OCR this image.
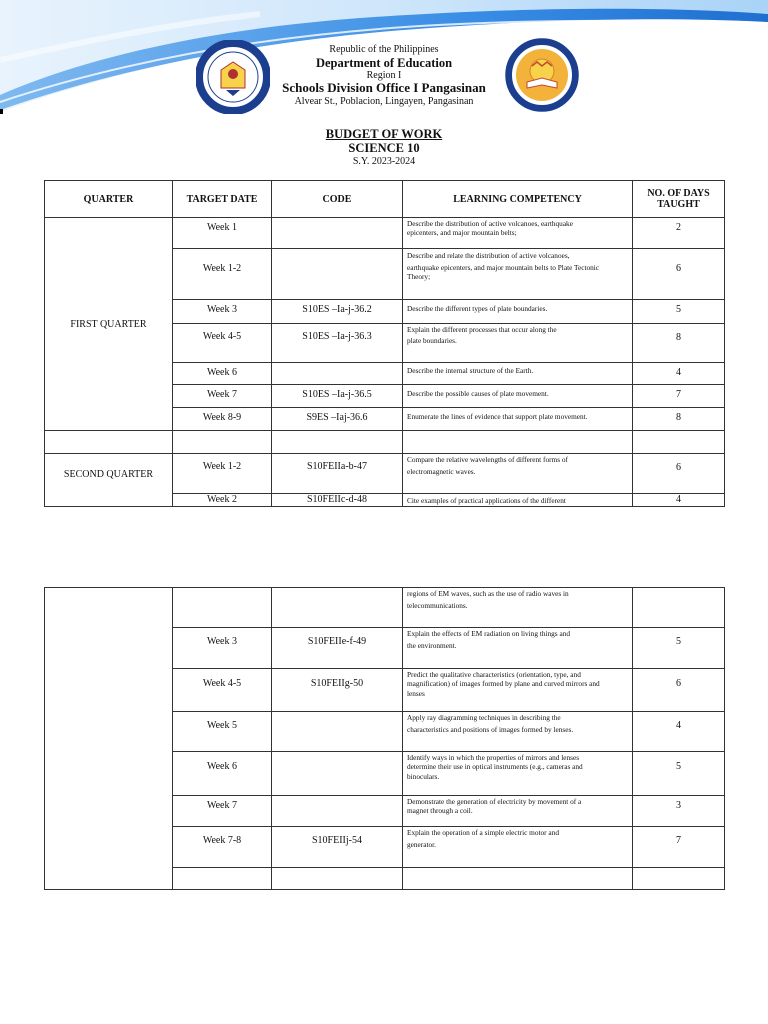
Republic of the Philippines
Department of Education
Region I
Schools Division Office I Pangasinan
Alvear St., Poblacion, Lingayen, Pangasinan
BUDGET OF WORK
SCIENCE 10
S.Y. 2023-2024
QUARTER	TARGET DATE	CODE	LEARNING COMPETENCY	NO. OF DAYS
TAUGHT
FIRST QUARTER	Week 1		Describe the distribution of active volcanoes, earthquake
epicenters, and major mountain belts;	2
	Week 1-2		Describe and relate the distribution of active volcanoes,
earthquake epicenters, and major mountain belts to Plate Tectonic
Theory;	6
	Week 3	S10ES –Ia-j-36.2	Describe the different types of plate boundaries.	5
	Week 4-5	S10ES –Ia-j-36.3	Explain the different processes that occur along the
plate boundaries.	8
	Week 6		Describe the internal structure of the Earth.	4
	Week 7	S10ES –Ia-j-36.5	Describe the possible causes of plate movement.	7
	Week 8-9	S9ES –Iaj-36.6	Enumerate the lines of evidence that support plate movement.	8

SECOND QUARTER	Week 1-2	S10FEIIa-b-47	Compare the relative wavelengths of different forms of
electromagnetic waves.	6
	Week 2	S10FEIIc-d-48	Cite examples of practical applications of the different	4

			regions of EM waves, such as the use of radio waves in
telecommunications.	

	Week 3	S10FEIIe-f-49	Explain the effects of EM radiation on living things and
the environment.	5
	Week 4-5	S10FEIIg-50	Predict the qualitative characteristics (orientation, type, and
magnification) of images formed by plane and curved mirrors and
lenses	6
	Week 5		Apply ray diagramming techniques in describing the
characteristics and positions of images formed by lenses.	4
	Week 6		Identify ways in which the properties of mirrors and lenses
determine their use in optical instruments (e.g., cameras and
binoculars.	5
	Week 7		Demonstrate the generation of electricity by movement of a
magnet through a coil.	3
	Week 7-8	S10FEIIj-54	Explain the operation of a simple electric motor and
generator.	7
